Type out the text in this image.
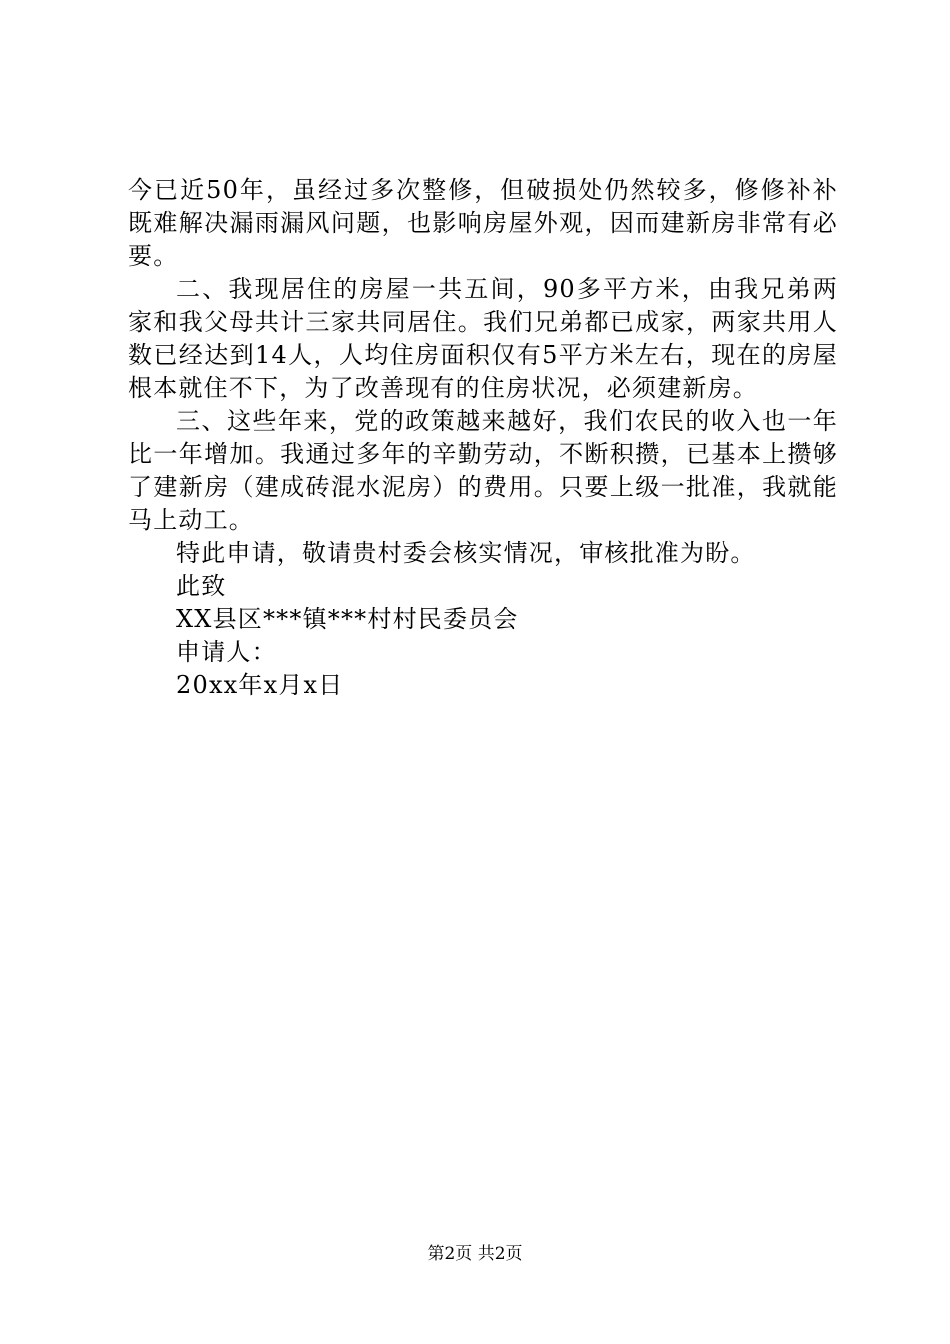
今已近50年，虽经过多次整修，但破损处仍然较多，修修补补既难解决漏雨漏风问题，也影响房屋外观，因而建新房非常有必要。

二、我现居住的房屋一共五间，90多平方米，由我兄弟两家和我父母共计三家共同居住。我们兄弟都已成家，两家共用人数已经达到14人，人均住房面积仅有5平方米左右，现在的房屋根本就住不下，为了改善现有的住房状况，必须建新房。

三、这些年来，党的政策越来越好，我们农民的收入也一年比一年增加。我通过多年的辛勤劳动，不断积攒，已基本上攒够了建新房（建成砖混水泥房）的费用。只要上级一批准，我就能马上动工。

特此申请，敬请贵村委会核实情况，审核批准为盼。

此致

XX县区***镇***村村民委员会

申请人：

20xx年x月x日

第2页 共2页
